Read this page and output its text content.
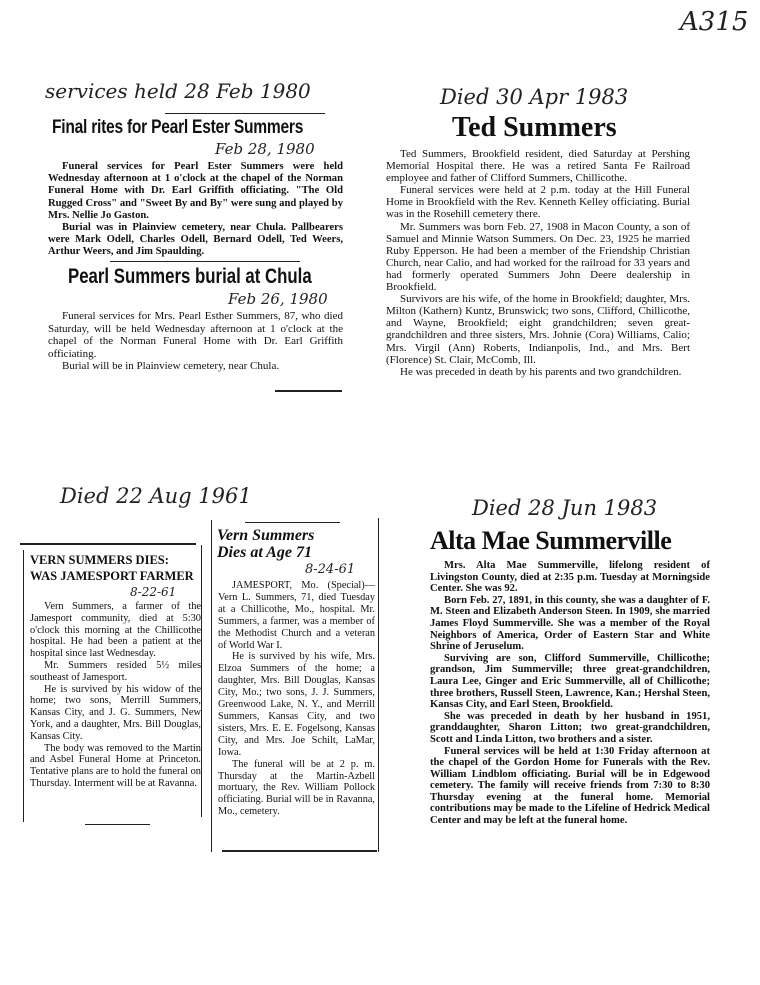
A315
services held 28 Feb 1980
Final rites for Pearl Ester Summers
Feb 28, 1980

Funeral services for Pearl Ester Summers were held Wednesday afternoon at 1 o'clock at the chapel of the Norman Funeral Home with Dr. Earl Griffith officiating. "The Old Rugged Cross" and "Sweet By and By" were sung and played by Mrs. Nellie Jo Gaston.

Burial was in Plainview cemetery, near Chula. Pallbearers were Mark Odell, Charles Odell, Bernard Odell, Ted Weers, Arthur Weers, and Jim Spaulding.

Pearl Summers burial at Chula
Feb 26, 1980

Funeral services for Mrs. Pearl Esther Summers, 87, who died Saturday, will be held Wednesday afternoon at 1 o'clock at the chapel of the Norman Funeral Home with Dr. Earl Griffith officiating.

Burial will be in Plainview cemetery, near Chula.

Died 30 Apr 1983
Ted Summers

Ted Summers, Brookfield resident, died Saturday at Pershing Memorial Hospital there. He was a retired Santa Fe Railroad employee and father of Clifford Summers, Chillicothe.

Funeral services were held at 2 p.m. today at the Hill Funeral Home in Brookfield with the Rev. Kenneth Kelley officiating. Burial was in the Rosehill cemetery there.

Mr. Summers was born Feb. 27, 1908 in Macon County, a son of Samuel and Minnie Watson Summers. On Dec. 23, 1925 he married Ruby Epperson. He had been a member of the Friendship Christian Church, near Calio, and had worked for the railroad for 33 years and had formerly operated Summers John Deere dealership in Brookfield.

Survivors are his wife, of the home in Brookfield; daughter, Mrs. Milton (Kathern) Kuntz, Brunswick; two sons, Clifford, Chillicothe, and Wayne, Brookfield; eight grandchildren; seven great-grandchildren and three sisters, Mrs. Johnie (Cora) Williams, Calio; Mrs. Virgil (Ann) Roberts, Indianpolis, Ind., and Mrs. Bert (Florence) St. Clair, McComb, Ill.

He was preceded in death by his parents and two grandchildren.

Died 22 Aug 1961
VERN SUMMERS DIES:
WAS JAMESPORT FARMER
8-22-61

Vern Summers, a farmer of the Jamesport community, died at 5:30 o'clock this morning at the Chillicothe hospital. He had been a patient at the hospital since last Wednesday.

Mr. Summers resided 5½ miles southeast of Jamesport.

He is survived by his widow of the home; two sons, Merrill Summers, Kansas City, and J. G. Summers, New York, and a daughter, Mrs. Bill Douglas, Kansas City.

The body was removed to the Martin and Asbel Funeral Home at Princeton. Tentative plans are to hold the funeral on Thursday. Interment will be at Ravanna.

Vern Summers
Dies at Age 71
8-24-61

JAMESPORT, Mo. (Special)—Vern L. Summers, 71, died Tuesday at a Chillicothe, Mo., hospital. Mr. Summers, a farmer, was a member of the Methodist Church and a veteran of World War I.

He is survived by his wife, Mrs. Elzoa Summers of the home; a daughter, Mrs. Bill Douglas, Kansas City, Mo.; two sons, J. J. Summers, Greenwood Lake, N. Y., and Merrill Summers, Kansas City, and two sisters, Mrs. E. E. Fogelsong, Kansas City, and Mrs. Joe Schilt, LaMar, Iowa.

The funeral will be at 2 p. m. Thursday at the Martin-Azbell mortuary, the Rev. William Pollock officiating. Burial will be in Ravanna, Mo., cemetery.

Died 28 Jun 1983
Alta Mae Summerville

Mrs. Alta Mae Summerville, lifelong resident of Livingston County, died at 2:35 p.m. Tuesday at Morningside Center. She was 92.

Born Feb. 27, 1891, in this county, she was a daughter of F. M. Steen and Elizabeth Anderson Steen. In 1909, she married James Floyd Summerville. She was a member of the Royal Neighbors of America, Order of Eastern Star and White Shrine of Jeruselum.

Surviving are son, Clifford Summerville, Chillicothe; grandson, Jim Summerville; three great-grandchildren, Laura Lee, Ginger and Eric Summerville, all of Chillicothe; three brothers, Russell Steen, Lawrence, Kan.; Hershal Steen, Kansas City, and Earl Steen, Brookfield.

She was preceded in death by her husband in 1951, granddaughter, Sharon Litton; two great-grandchildren, Scott and Linda Litton, two brothers and a sister.

Funeral services will be held at 1:30 Friday afternoon at the chapel of the Gordon Home for Funerals with the Rev. William Lindblom officiating. Burial will be in Edgewood cemetery. The family will receive friends from 7:30 to 8:30 Thursday evening at the funeral home. Memorial contributions may be made to the Lifeline of Hedrick Medical Center and may be left at the funeral home.
